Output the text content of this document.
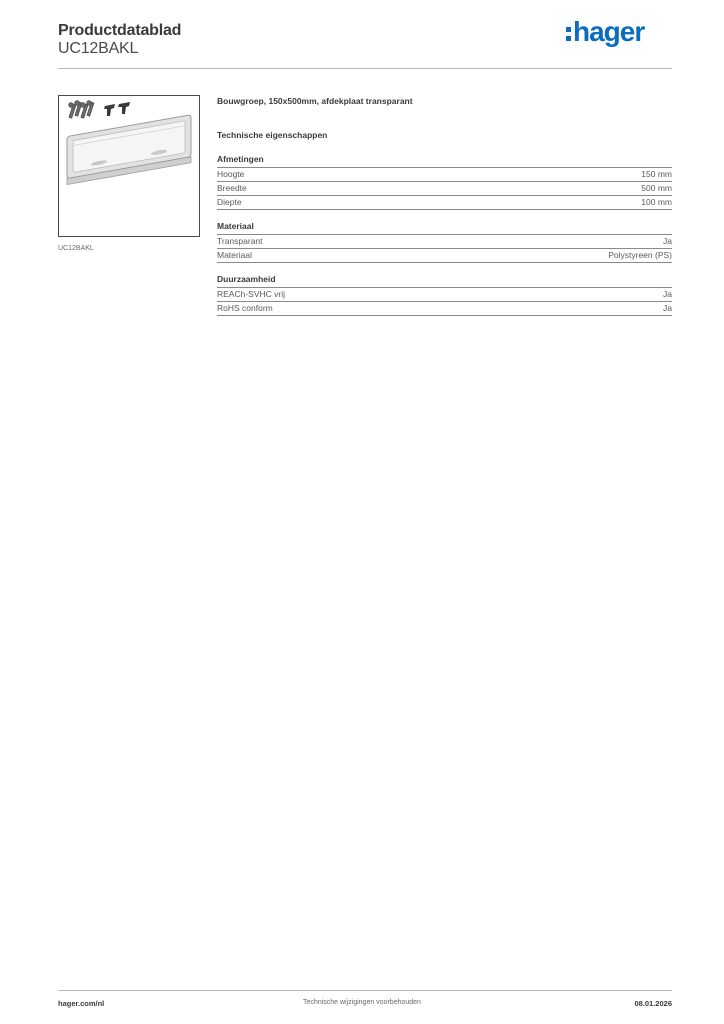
Productdatablad
UC12BAKL
hager
UC12BAKL
Bouwgroep, 150x500mm, afdekplaat transparant
Technische eigenschappen
Afmetingen
Hoogte	150 mm
Breedte	500 mm
Diepte	100 mm
Materiaal
Transparant	Ja
Materiaal	Polystyreen (PS)
Duurzaamheid
REACh-SVHC vrij	Ja
RoHS conform	Ja
hager.com/nl	Technische wijzigingen voorbehouden	08.01.2026
